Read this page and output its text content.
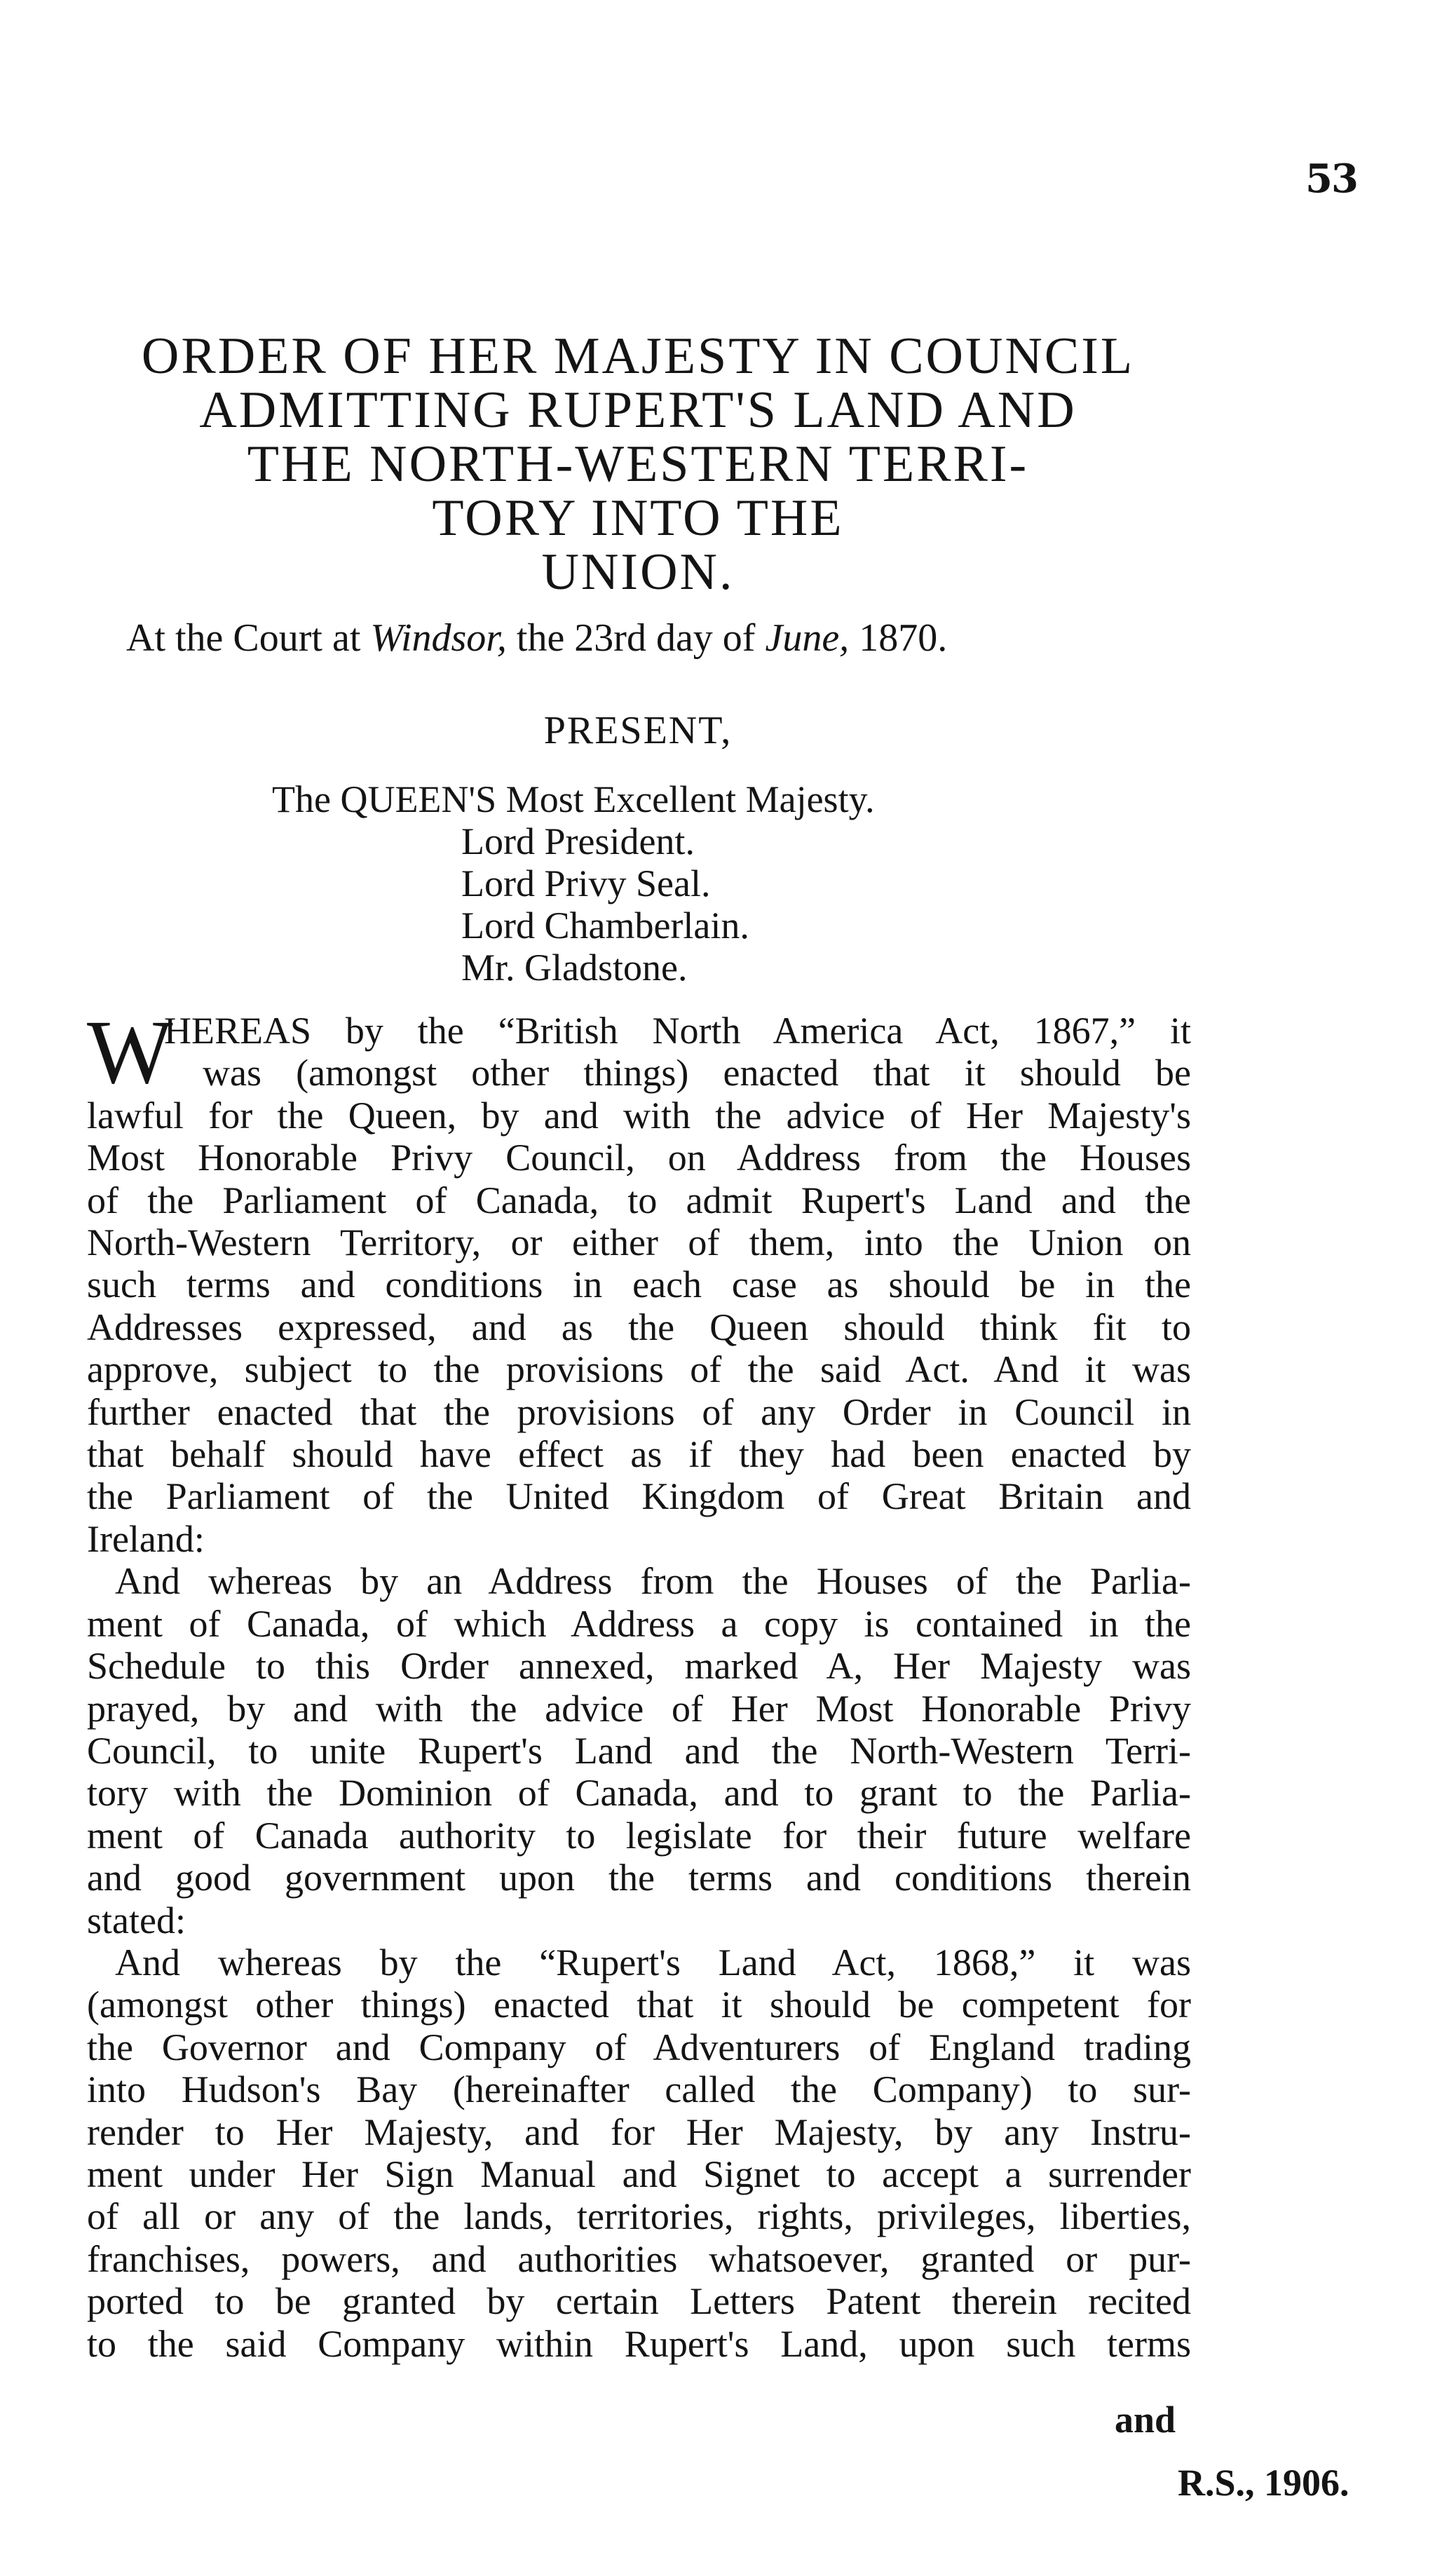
53
ORDER OF HER MAJESTY IN COUNCIL
ADMITTING RUPERT'S LAND AND
THE NORTH-WESTERN TERRI-
TORY INTO THE
UNION.
At the Court at Windsor, the 23rd day of June, 1870.
PRESENT,
The QUEEN'S Most Excellent Majesty.
Lord President.
Lord Privy Seal.
Lord Chamberlain.
Mr. Gladstone.
W
HEREAS by the “British North America Act, 1867,” it
was (amongst other things) enacted that it should be
lawful for the Queen, by and with the advice of Her Majesty's
Most Honorable Privy Council, on Address from the Houses
of the Parliament of Canada, to admit Rupert's Land and the
North-Western Territory, or either of them, into the Union on
such terms and conditions in each case as should be in the
Addresses expressed, and as the Queen should think fit to
approve, subject to the provisions of the said Act. And it was
further enacted that the provisions of any Order in Council in
that behalf should have effect as if they had been enacted by
the Parliament of the United Kingdom of Great Britain and
Ireland:
And whereas by an Address from the Houses of the Parlia-
ment of Canada, of which Address a copy is contained in the
Schedule to this Order annexed, marked A, Her Majesty was
prayed, by and with the advice of Her Most Honorable Privy
Council, to unite Rupert's Land and the North-Western Terri-
tory with the Dominion of Canada, and to grant to the Parlia-
ment of Canada authority to legislate for their future welfare
and good government upon the terms and conditions therein
stated:
And whereas by the “Rupert's Land Act, 1868,” it was
(amongst other things) enacted that it should be competent for
the Governor and Company of Adventurers of England trading
into Hudson's Bay (hereinafter called the Company) to sur-
render to Her Majesty, and for Her Majesty, by any Instru-
ment under Her Sign Manual and Signet to accept a surrender
of all or any of the lands, territories, rights, privileges, liberties,
franchises, powers, and authorities whatsoever, granted or pur-
ported to be granted by certain Letters Patent therein recited
to the said Company within Rupert's Land, upon such terms
and
R.S., 1906.
